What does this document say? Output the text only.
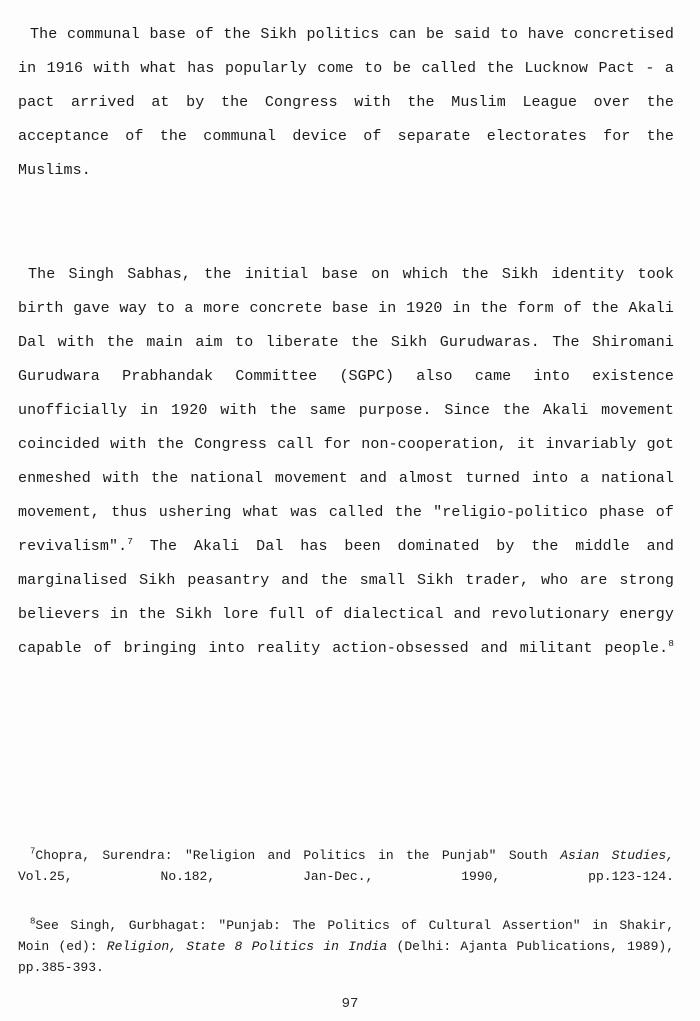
The communal base of the Sikh politics can be said to have concretised in 1916 with what has popularly come to be called the Lucknow Pact - a pact arrived at by the Congress with the Muslim League over the acceptance of the communal device of separate electorates for the Muslims.

The Singh Sabhas, the initial base on which the Sikh identity took birth gave way to a more concrete base in 1920 in the form of the Akali Dal with the main aim to liberate the Sikh Gurudwaras. The Shiromani Gurudwara Prabhandak Committee (SGPC) also came into existence unofficially in 1920 with the same purpose. Since the Akali movement coincided with the Congress call for non-cooperation, it invariably got enmeshed with the national movement and almost turned into a national movement, thus ushering what was called the "religio-politico phase of revivalism".$^7$ The Akali Dal has been dominated by the middle and marginalised Sikh peasantry and the small Sikh trader, who are strong believers in the Sikh lore full of dialectical and revolutionary energy capable of bringing into reality action-obsessed and militant people.$^8$

$^7$Chopra, Surendra: "Religion and Politics in the Punjab" South Asian Studies, Vol.25, No.182, Jan-Dec., 1990, pp.123-124.

$^8$See Singh, Gurbhagat: "Punjab: The Politics of Cultural Assertion" in Shakir, Moin (ed): Religion, State 8 Politics in India (Delhi: Ajanta Publications, 1989), pp.385-393.

97
